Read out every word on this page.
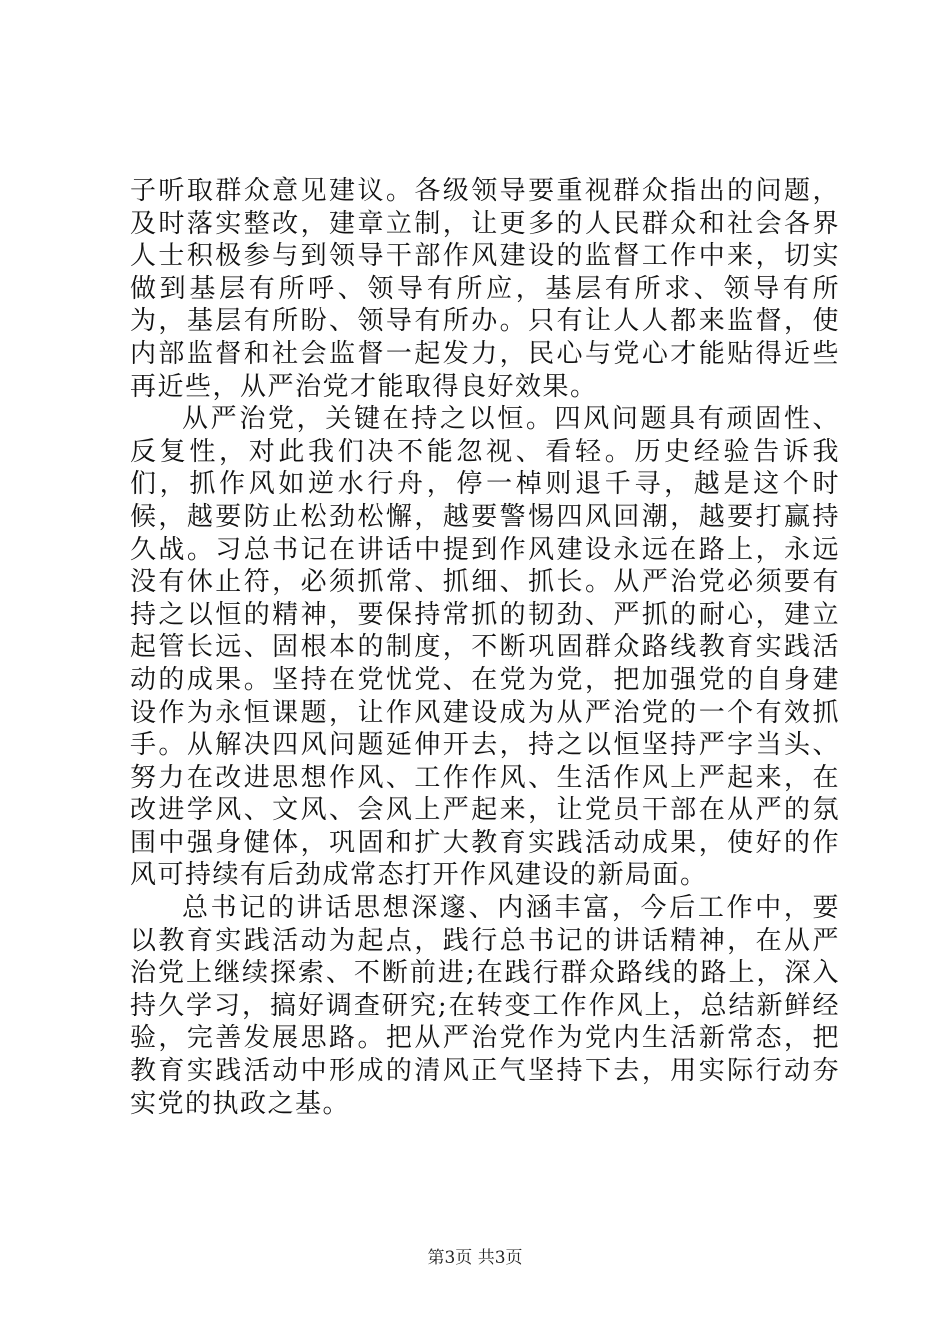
子听取群众意见建议。各级领导要重视群众指出的问题，及时落实整改，建章立制，让更多的人民群众和社会各界人士积极参与到领导干部作风建设的监督工作中来，切实做到基层有所呼、领导有所应，基层有所求、领导有所为，基层有所盼、领导有所办。只有让人人都来监督，使内部监督和社会监督一起发力，民心与党心才能贴得近些再近些，从严治党才能取得良好效果。

从严治党，关键在持之以恒。四风问题具有顽固性、反复性，对此我们决不能忽视、看轻。历史经验告诉我们，抓作风如逆水行舟，停一棹则退千寻，越是这个时候，越要防止松劲松懈，越要警惕四风回潮，越要打赢持久战。习总书记在讲话中提到作风建设永远在路上，永远没有休止符，必须抓常、抓细、抓长。从严治党必须要有持之以恒的精神，要保持常抓的韧劲、严抓的耐心，建立起管长远、固根本的制度，不断巩固群众路线教育实践活动的成果。坚持在党忧党、在党为党，把加强党的自身建设作为永恒课题，让作风建设成为从严治党的一个有效抓手。从解决四风问题延伸开去，持之以恒坚持严字当头、努力在改进思想作风、工作作风、生活作风上严起来，在改进学风、文风、会风上严起来，让党员干部在从严的氛围中强身健体，巩固和扩大教育实践活动成果，使好的作风可持续有后劲成常态打开作风建设的新局面。

总书记的讲话思想深邃、内涵丰富，今后工作中，要以教育实践活动为起点，践行总书记的讲话精神，在从严治党上继续探索、不断前进;在践行群众路线的路上，深入持久学习，搞好调查研究;在转变工作作风上，总结新鲜经验，完善发展思路。把从严治党作为党内生活新常态，把教育实践活动中形成的清风正气坚持下去，用实际行动夯实党的执政之基。

第3页 共3页
